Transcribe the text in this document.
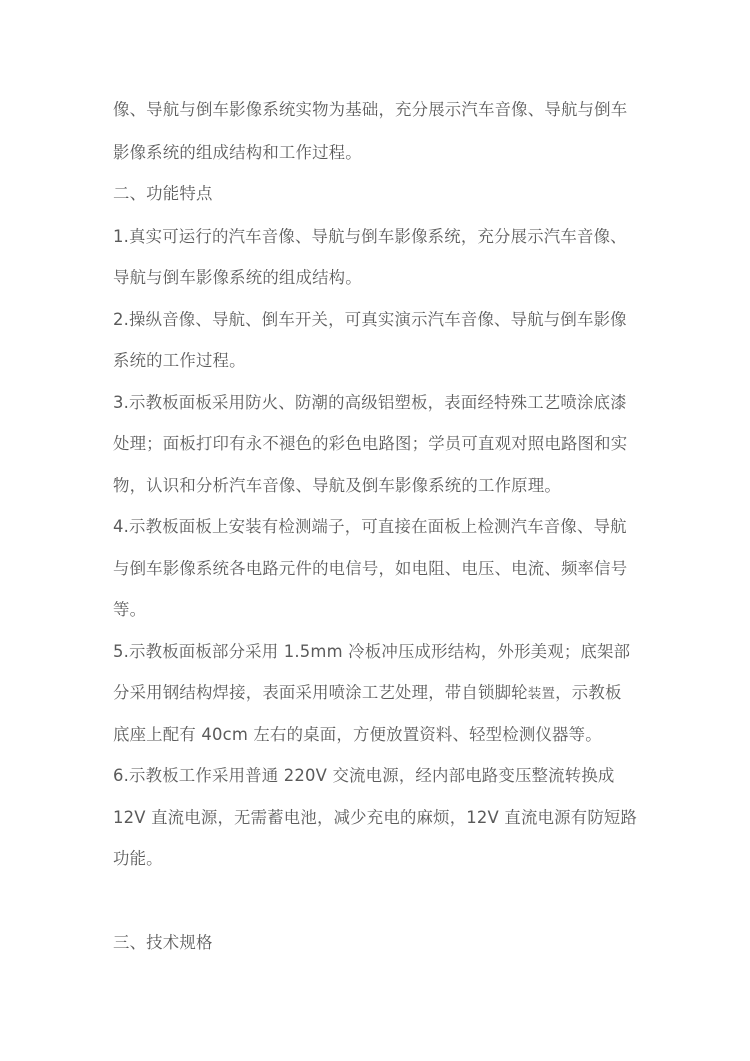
像、导航与倒车影像系统实物为基础，充分展示汽车音像、导航与倒车
影像系统的组成结构和工作过程。
二、功能特点
1.真实可运行的汽车音像、导航与倒车影像系统，充分展示汽车音像、
导航与倒车影像系统的组成结构。
2.操纵音像、导航、倒车开关，可真实演示汽车音像、导航与倒车影像
系统的工作过程。
3.示教板面板采用防火、防潮的高级铝塑板，表面经特殊工艺喷涂底漆
处理；面板打印有永不褪色的彩色电路图；学员可直观对照电路图和实
物，认识和分析汽车音像、导航及倒车影像系统的工作原理。
4.示教板面板上安装有检测端子，可直接在面板上检测汽车音像、导航
与倒车影像系统各电路元件的电信号，如电阻、电压、电流、频率信号
等。
5.示教板面板部分采用 1.5mm 冷板冲压成形结构，外形美观；底架部
分采用钢结构焊接，表面采用喷涂工艺处理，带自锁脚轮装置，示教板
底座上配有 40cm 左右的桌面，方便放置资料、轻型检测仪器等。
6.示教板工作采用普通 220V 交流电源，经内部电路变压整流转换成
12V 直流电源，无需蓄电池，减少充电的麻烦，12V 直流电源有防短路
功能。
三、技术规格
